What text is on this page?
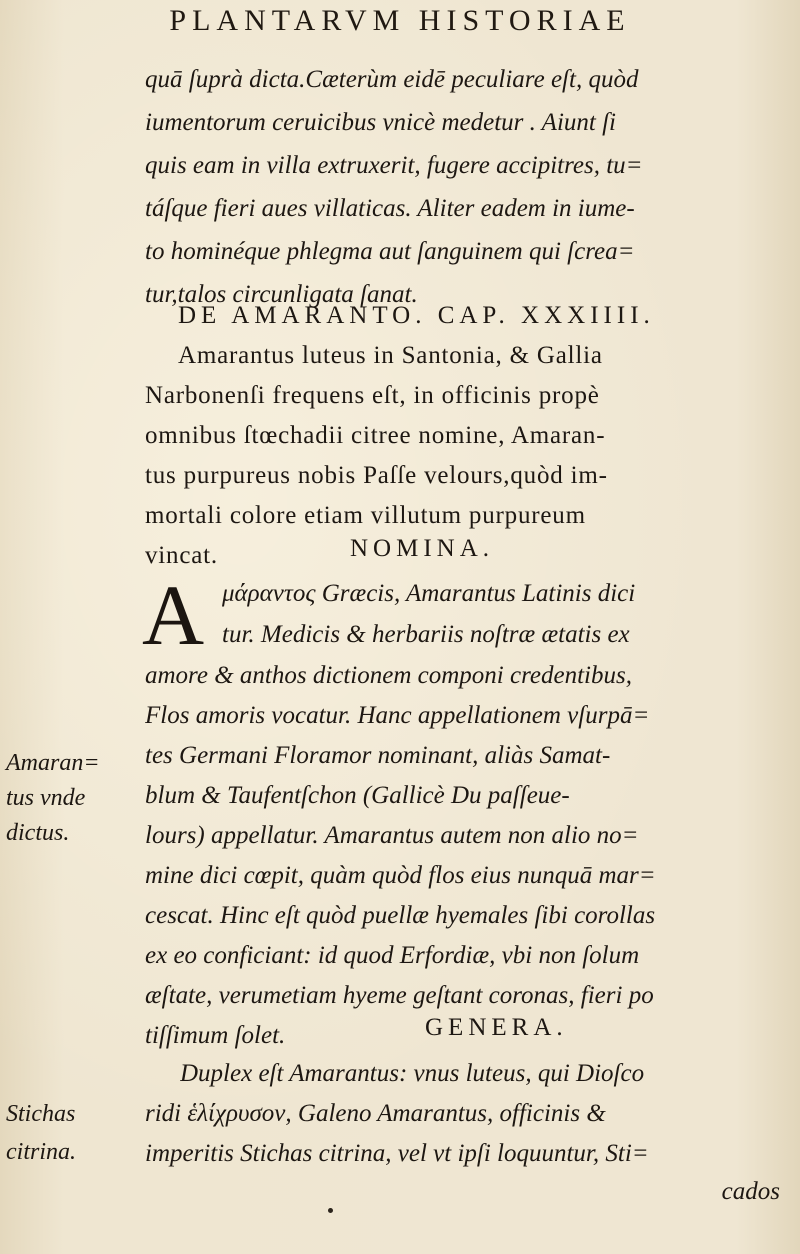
PLANTARVM HISTORIAE
quā ſuprà dicta.Cæterùm eidē peculiare eſt, quòd
iumentorum ceruicibus vnicè medetur . Aiunt ſi
quis eam in villa extruxerit, fugere accipitres, tu=
táſque fieri aues villaticas. Aliter eadem in iume-
to hominéque phlegma aut ſanguinem qui ſcrea=
tur,talos circunligata ſanat.
DE AMARANTO. CAP. XXXIIII.
Amarantus luteus in Santonia, & Gallia
Narbonenſi frequens eſt, in officinis propè
omnibus ſtœchadii citree nomine, Amaran-
tus purpureus nobis Paſſe velours,quòd im-
mortali colore etiam villutum purpureum
vincat.	NOMINA.
A μάραντος Græcis, Amarantus Latinis dici
tur. Medicis & herbariis noſtræ ætatis ex
amore & anthos dictionem componi credentibus,
Flos amoris vocatur. Hanc appellationem vſurpā=
tes Germani Floramor nominant, aliàs Samat-
blum & Taufentſchon (Gallicè Du paſſeue-
lours) appellatur. Amarantus autem non alio no=
mine dici cœpit, quàm quòd flos eius nunquā mar=
cescat. Hinc eſt quòd puellæ hyemales ſibi corollas
ex eo conficiant: id quod Erfordiæ, vbi non ſolum
æſtate, verumetiam hyeme geſtant coronas, fieri po
tiſſimum ſolet.	GENERA.
Duplex eſt Amarantus: vnus luteus, qui Dioſco
ridi ἑλίχρυσον, Galeno Amarantus, officinis &
imperitis Stichas citrina, vel vt ipſi loquuntur, Sti=
cados
Amaran=
tus vnde
dictus.
Stichas
citrina.
